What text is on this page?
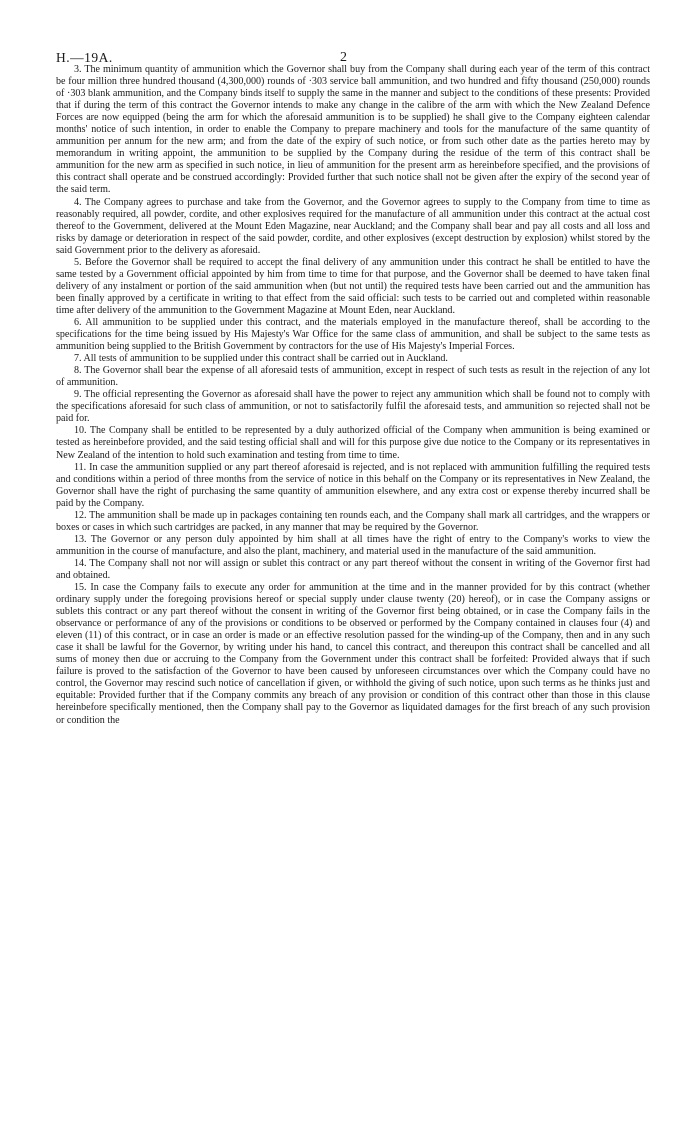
H.—19A.	2

3. The minimum quantity of ammunition which the Governor shall buy from the Company shall during each year of the term of this contract be four million three hundred thousand (4,300,000) rounds of ·303 service ball ammunition, and two hundred and fifty thousand (250,000) rounds of ·303 blank ammunition, and the Company binds itself to supply the same in the manner and subject to the conditions of these presents: Provided that if during the term of this contract the Governor intends to make any change in the calibre of the arm with which the New Zealand Defence Forces are now equipped (being the arm for which the aforesaid ammunition is to be supplied) he shall give to the Company eighteen calendar months' notice of such intention, in order to enable the Company to prepare machinery and tools for the manufacture of the same quantity of ammunition per annum for the new arm; and from the date of the expiry of such notice, or from such other date as the parties hereto may by memorandum in writing appoint, the ammunition to be supplied by the Company during the residue of the term of this contract shall be ammunition for the new arm as specified in such notice, in lieu of ammunition for the present arm as hereinbefore specified, and the provisions of this contract shall operate and be construed accordingly: Provided further that such notice shall not be given after the expiry of the second year of the said term.

4. The Company agrees to purchase and take from the Governor, and the Governor agrees to supply to the Company from time to time as reasonably required, all powder, cordite, and other explosives required for the manufacture of all ammunition under this contract at the actual cost thereof to the Government, delivered at the Mount Eden Magazine, near Auckland; and the Company shall bear and pay all costs and all loss and risks by damage or deterioration in respect of the said powder, cordite, and other explosives (except destruction by explosion) whilst stored by the said Government prior to the delivery as aforesaid.

5. Before the Governor shall be required to accept the final delivery of any ammunition under this contract he shall be entitled to have the same tested by a Government official appointed by him from time to time for that purpose, and the Governor shall be deemed to have taken final delivery of any instalment or portion of the said ammunition when (but not until) the required tests have been carried out and the ammunition has been finally approved by a certificate in writing to that effect from the said official: such tests to be carried out and completed within reasonable time after delivery of the ammunition to the Government Magazine at Mount Eden, near Auckland.

6. All ammunition to be supplied under this contract, and the materials employed in the manufacture thereof, shall be according to the specifications for the time being issued by His Majesty's War Office for the same class of ammunition, and shall be subject to the same tests as ammunition being supplied to the British Government by contractors for the use of His Majesty's Imperial Forces.

7. All tests of ammunition to be supplied under this contract shall be carried out in Auckland.

8. The Governor shall bear the expense of all aforesaid tests of ammunition, except in respect of such tests as result in the rejection of any lot of ammunition.

9. The official representing the Governor as aforesaid shall have the power to reject any ammunition which shall be found not to comply with the specifications aforesaid for such class of ammunition, or not to satisfactorily fulfil the aforesaid tests, and ammunition so rejected shall not be paid for.

10. The Company shall be entitled to be represented by a duly authorized official of the Company when ammunition is being examined or tested as hereinbefore provided, and the said testing official shall and will for this purpose give due notice to the Company or its representatives in New Zealand of the intention to hold such examination and testing from time to time.

11. In case the ammunition supplied or any part thereof aforesaid is rejected, and is not replaced with ammunition fulfilling the required tests and conditions within a period of three months from the service of notice in this behalf on the Company or its representatives in New Zealand, the Governor shall have the right of purchasing the same quantity of ammunition elsewhere, and any extra cost or expense thereby incurred shall be paid by the Company.

12. The ammunition shall be made up in packages containing ten rounds each, and the Company shall mark all cartridges, and the wrappers or boxes or cases in which such cartridges are packed, in any manner that may be required by the Governor.

13. The Governor or any person duly appointed by him shall at all times have the right of entry to the Company's works to view the ammunition in the course of manufacture, and also the plant, machinery, and material used in the manufacture of the said ammunition.

14. The Company shall not nor will assign or sublet this contract or any part thereof without the consent in writing of the Governor first had and obtained.

15. In case the Company fails to execute any order for ammunition at the time and in the manner provided for by this contract (whether ordinary supply under the foregoing provisions hereof or special supply under clause twenty (20) hereof), or in case the Company assigns or sublets this contract or any part thereof without the consent in writing of the Governor first being obtained, or in case the Company fails in the observance or performance of any of the provisions or conditions to be observed or performed by the Company contained in clauses four (4) and eleven (11) of this contract, or in case an order is made or an effective resolution passed for the winding-up of the Company, then and in any such case it shall be lawful for the Governor, by writing under his hand, to cancel this contract, and thereupon this contract shall be cancelled and all sums of money then due or accruing to the Company from the Government under this contract shall be forfeited: Provided always that if such failure is proved to the satisfaction of the Governor to have been caused by unforeseen circumstances over which the Company could have no control, the Governor may rescind such notice of cancellation if given, or withhold the giving of such notice, upon such terms as he thinks just and equitable: Provided further that if the Company commits any breach of any provision or condition of this contract other than those in this clause hereinbefore specifically mentioned, then the Company shall pay to the Governor as liquidated damages for the first breach of any such provision or condition the
